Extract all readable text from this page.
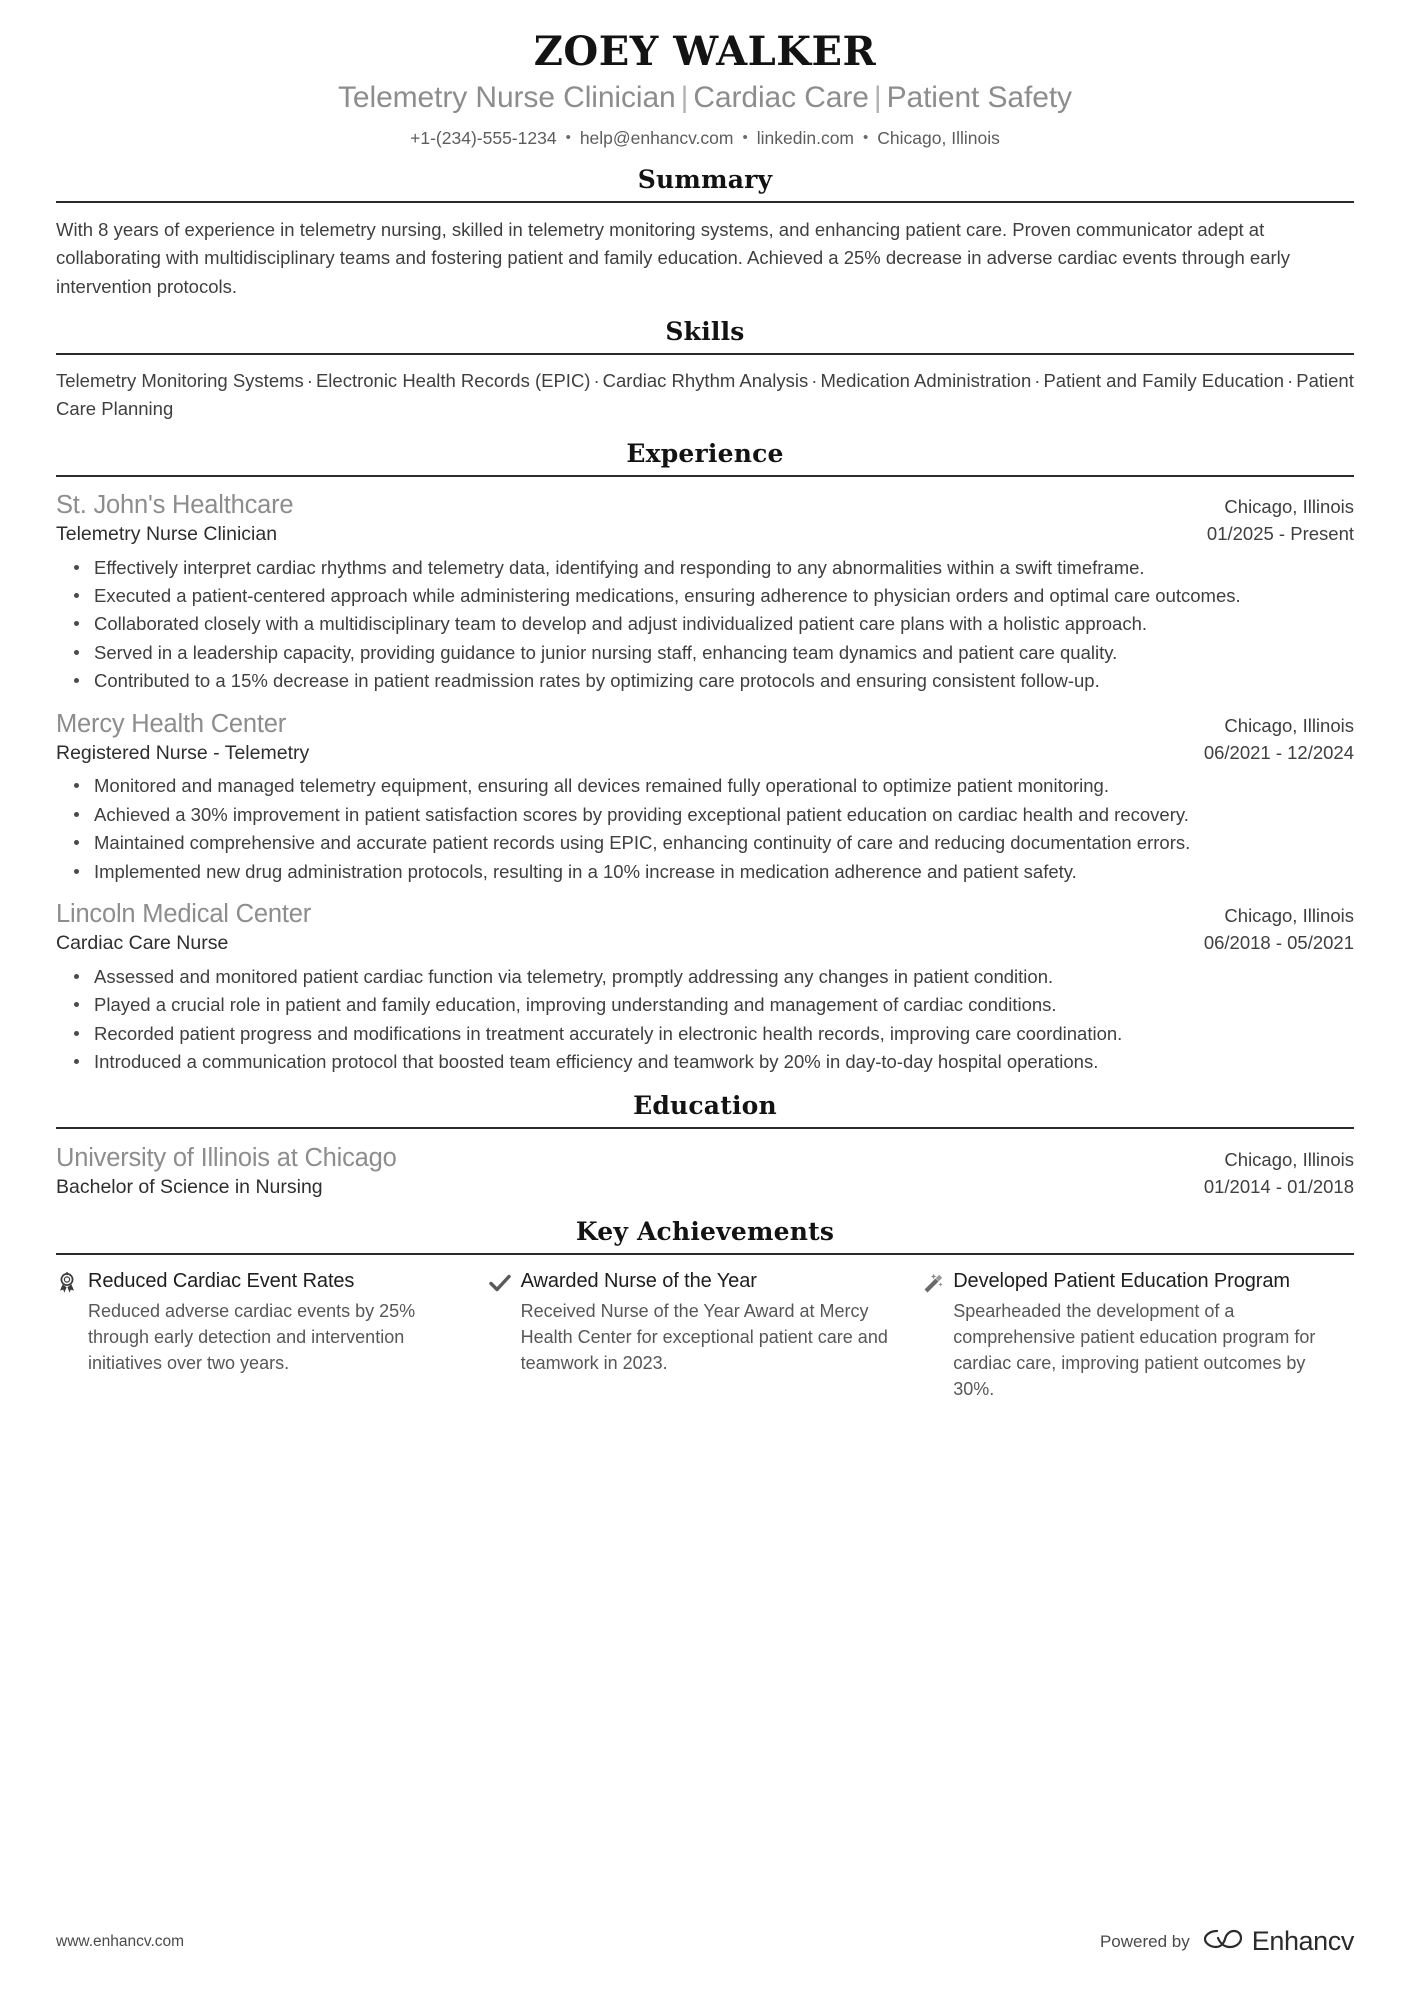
ZOEY WALKER
Telemetry Nurse Clinician | Cardiac Care | Patient Safety
+1-(234)-555-1234 • help@enhancv.com • linkedin.com • Chicago, Illinois
Summary
With 8 years of experience in telemetry nursing, skilled in telemetry monitoring systems, and enhancing patient care. Proven communicator adept at collaborating with multidisciplinary teams and fostering patient and family education. Achieved a 25% decrease in adverse cardiac events through early intervention protocols.
Skills
Telemetry Monitoring Systems · Electronic Health Records (EPIC) · Cardiac Rhythm Analysis · Medication Administration · Patient and Family Education · Patient Care Planning
Experience
St. John's Healthcare	Chicago, Illinois
Telemetry Nurse Clinician	01/2025 - Present
Effectively interpret cardiac rhythms and telemetry data, identifying and responding to any abnormalities within a swift timeframe.
Executed a patient-centered approach while administering medications, ensuring adherence to physician orders and optimal care outcomes.
Collaborated closely with a multidisciplinary team to develop and adjust individualized patient care plans with a holistic approach.
Served in a leadership capacity, providing guidance to junior nursing staff, enhancing team dynamics and patient care quality.
Contributed to a 15% decrease in patient readmission rates by optimizing care protocols and ensuring consistent follow-up.
Mercy Health Center	Chicago, Illinois
Registered Nurse - Telemetry	06/2021 - 12/2024
Monitored and managed telemetry equipment, ensuring all devices remained fully operational to optimize patient monitoring.
Achieved a 30% improvement in patient satisfaction scores by providing exceptional patient education on cardiac health and recovery.
Maintained comprehensive and accurate patient records using EPIC, enhancing continuity of care and reducing documentation errors.
Implemented new drug administration protocols, resulting in a 10% increase in medication adherence and patient safety.
Lincoln Medical Center	Chicago, Illinois
Cardiac Care Nurse	06/2018 - 05/2021
Assessed and monitored patient cardiac function via telemetry, promptly addressing any changes in patient condition.
Played a crucial role in patient and family education, improving understanding and management of cardiac conditions.
Recorded patient progress and modifications in treatment accurately in electronic health records, improving care coordination.
Introduced a communication protocol that boosted team efficiency and teamwork by 20% in day-to-day hospital operations.
Education
University of Illinois at Chicago	Chicago, Illinois
Bachelor of Science in Nursing	01/2014 - 01/2018
Key Achievements
Reduced Cardiac Event Rates
Reduced adverse cardiac events by 25% through early detection and intervention initiatives over two years.
Awarded Nurse of the Year
Received Nurse of the Year Award at Mercy Health Center for exceptional patient care and teamwork in 2023.
Developed Patient Education Program
Spearheaded the development of a comprehensive patient education program for cardiac care, improving patient outcomes by 30%.
www.enhancv.com	Powered by Enhancv
